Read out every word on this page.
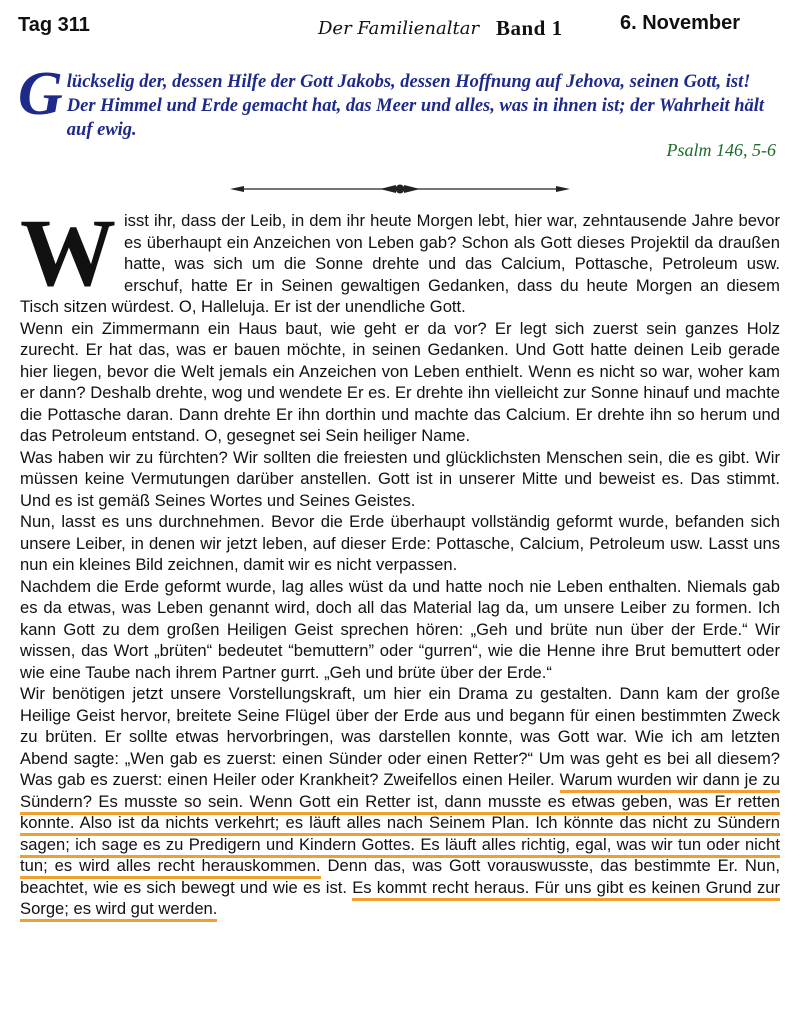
Tag 311	Der Familienaltar Band 1	6. November

Glückselig der, dessen Hilfe der Gott Jakobs, dessen Hoffnung auf Jehova, seinen Gott, ist! Der Himmel und Erde gemacht hat, das Meer und alles, was in ihnen ist; der Wahrheit hält auf ewig.

Psalm 146, 5-6

Wisst ihr, dass der Leib, in dem ihr heute Morgen lebt, hier war, zehntausende Jahre bevor es überhaupt ein Anzeichen von Leben gab? Schon als Gott dieses Projektil da draußen hatte, was sich um die Sonne drehte und das Calcium, Pottasche, Petroleum usw. erschuf, hatte Er in Seinen gewaltigen Gedanken, dass du heute Morgen an diesem Tisch sitzen würdest. O, Halleluja. Er ist der unendliche Gott.

Wenn ein Zimmermann ein Haus baut, wie geht er da vor? Er legt sich zuerst sein ganzes Holz zurecht. Er hat das, was er bauen möchte, in seinen Gedanken. Und Gott hatte deinen Leib gerade hier liegen, bevor die Welt jemals ein Anzeichen von Leben enthielt. Wenn es nicht so war, woher kam er dann? Deshalb drehte, wog und wendete Er es. Er drehte ihn vielleicht zur Sonne hinauf und machte die Pottasche daran. Dann drehte Er ihn dorthin und machte das Calcium. Er drehte ihn so herum und das Petroleum entstand. O, gesegnet sei Sein heiliger Name.

Was haben wir zu fürchten? Wir sollten die freiesten und glücklichsten Menschen sein, die es gibt. Wir müssen keine Vermutungen darüber anstellen. Gott ist in unserer Mitte und beweist es. Das stimmt. Und es ist gemäß Seines Wortes und Seines Geistes.

Nun, lasst es uns durchnehmen. Bevor die Erde überhaupt vollständig geformt wurde, befanden sich unsere Leiber, in denen wir jetzt leben, auf dieser Erde: Pottasche, Calcium, Petroleum usw. Lasst uns nun ein kleines Bild zeichnen, damit wir es nicht verpassen.

Nachdem die Erde geformt wurde, lag alles wüst da und hatte noch nie Leben enthalten. Niemals gab es da etwas, was Leben genannt wird, doch all das Material lag da, um unsere Leiber zu formen. Ich kann Gott zu dem großen Heiligen Geist sprechen hören: „Geh und brüte nun über der Erde.“ Wir wissen, das Wort „brüten“ bedeutet “bemuttern” oder “gurren“, wie die Henne ihre Brut bemuttert oder wie eine Taube nach ihrem Partner gurrt. „Geh und brüte über der Erde.“

Wir benötigen jetzt unsere Vorstellungskraft, um hier ein Drama zu gestalten. Dann kam der große Heilige Geist hervor, breitete Seine Flügel über der Erde aus und begann für einen bestimmten Zweck zu brüten. Er sollte etwas hervorbringen, was darstellen konnte, was Gott war. Wie ich am letzten Abend sagte: „Wen gab es zuerst: einen Sünder oder einen Retter?“ Um was geht es bei all diesem? Was gab es zuerst: einen Heiler oder Krankheit? Zweifellos einen Heiler. Warum wurden wir dann je zu Sündern? Es musste so sein. Wenn Gott ein Retter ist, dann musste es etwas geben, was Er retten konnte. Also ist da nichts verkehrt; es läuft alles nach Seinem Plan. Ich könnte das nicht zu Sündern sagen; ich sage es zu Predigern und Kindern Gottes. Es läuft alles richtig, egal, was wir tun oder nicht tun; es wird alles recht herauskommen. Denn das, was Gott vorauswusste, das bestimmte Er. Nun, beachtet, wie es sich bewegt und wie es ist. Es kommt recht heraus. Für uns gibt es keinen Grund zur Sorge; es wird gut werden.
